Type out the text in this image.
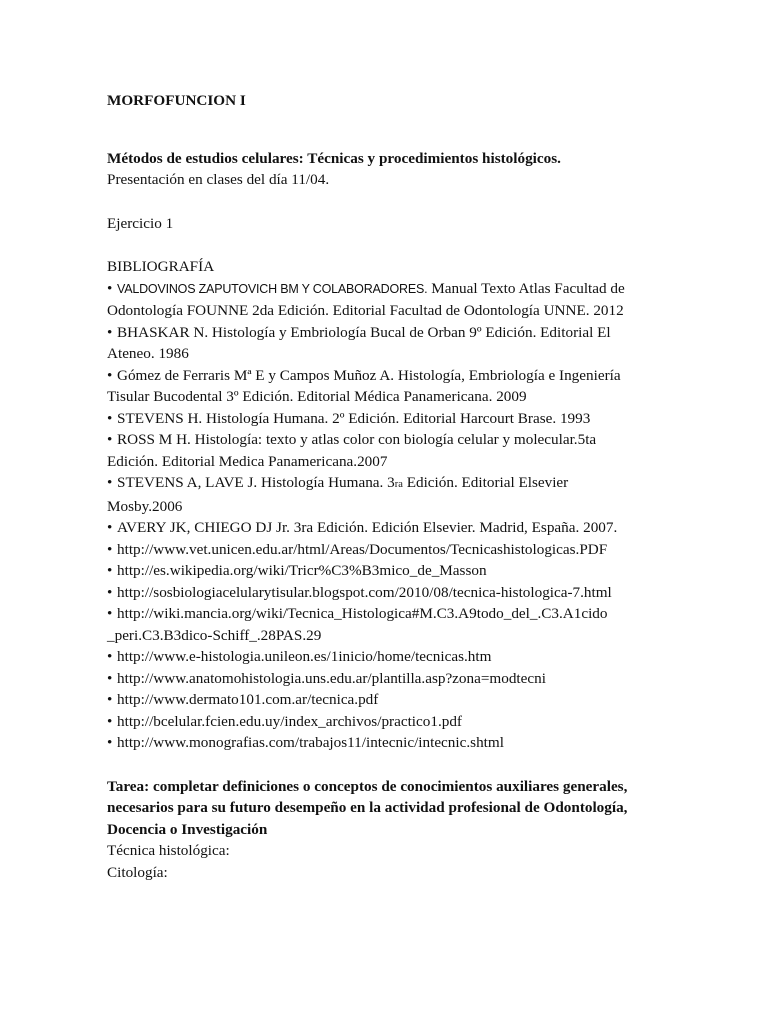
MORFOFUNCION I

Métodos de estudios celulares: Técnicas y procedimientos histológicos.

Presentación en clases del día 11/04.

Ejercicio 1

BIBLIOGRAFÍA

• VALDOVINOS ZAPUTOVICH BM Y COLABORADORES. Manual Texto Atlas Facultad de Odontología FOUNNE 2da Edición. Editorial Facultad de Odontología UNNE. 2012
• BHASKAR N. Histología y Embriología Bucal de Orban 9º Edición. Editorial El Ateneo. 1986
• Gómez de Ferraris Mª E y Campos Muñoz A. Histología, Embriología e Ingeniería Tisular Bucodental 3º Edición. Editorial Médica Panamericana. 2009
• STEVENS H. Histología Humana. 2º Edición. Editorial Harcourt Brase. 1993
• ROSS M H. Histología: texto y atlas color con biología celular y molecular.5ta Edición. Editorial Medica Panamericana.2007
• STEVENS A, LAVE J. Histología Humana. 3ra Edición. Editorial Elsevier Mosby.2006
• AVERY JK, CHIEGO DJ Jr. 3ra Edición. Edición Elsevier. Madrid, España. 2007.
• http://www.vet.unicen.edu.ar/html/Areas/Documentos/Tecnicashistologicas.PDF
• http://es.wikipedia.org/wiki/Tricr%C3%B3mico_de_Masson
• http://sosbiologiacelularytisular.blogspot.com/2010/08/tecnica-histologica-7.html
• http://wiki.mancia.org/wiki/Tecnica_Histologica#M.C3.A9todo_del_.C3.A1cido
_peri.C3.B3dico-Schiff_.28PAS.29
• http://www.e-histologia.unileon.es/1inicio/home/tecnicas.htm
• http://www.anatomohistologia.uns.edu.ar/plantilla.asp?zona=modtecni
• http://www.dermato101.com.ar/tecnica.pdf
• http://bcelular.fcien.edu.uy/index_archivos/practico1.pdf
• http://www.monografias.com/trabajos11/intecnic/intecnic.shtml

Tarea: completar definiciones o conceptos de conocimientos auxiliares generales, necesarios para su futuro desempeño en la actividad profesional de Odontología, Docencia o Investigación

Técnica histológica:

Citología:
